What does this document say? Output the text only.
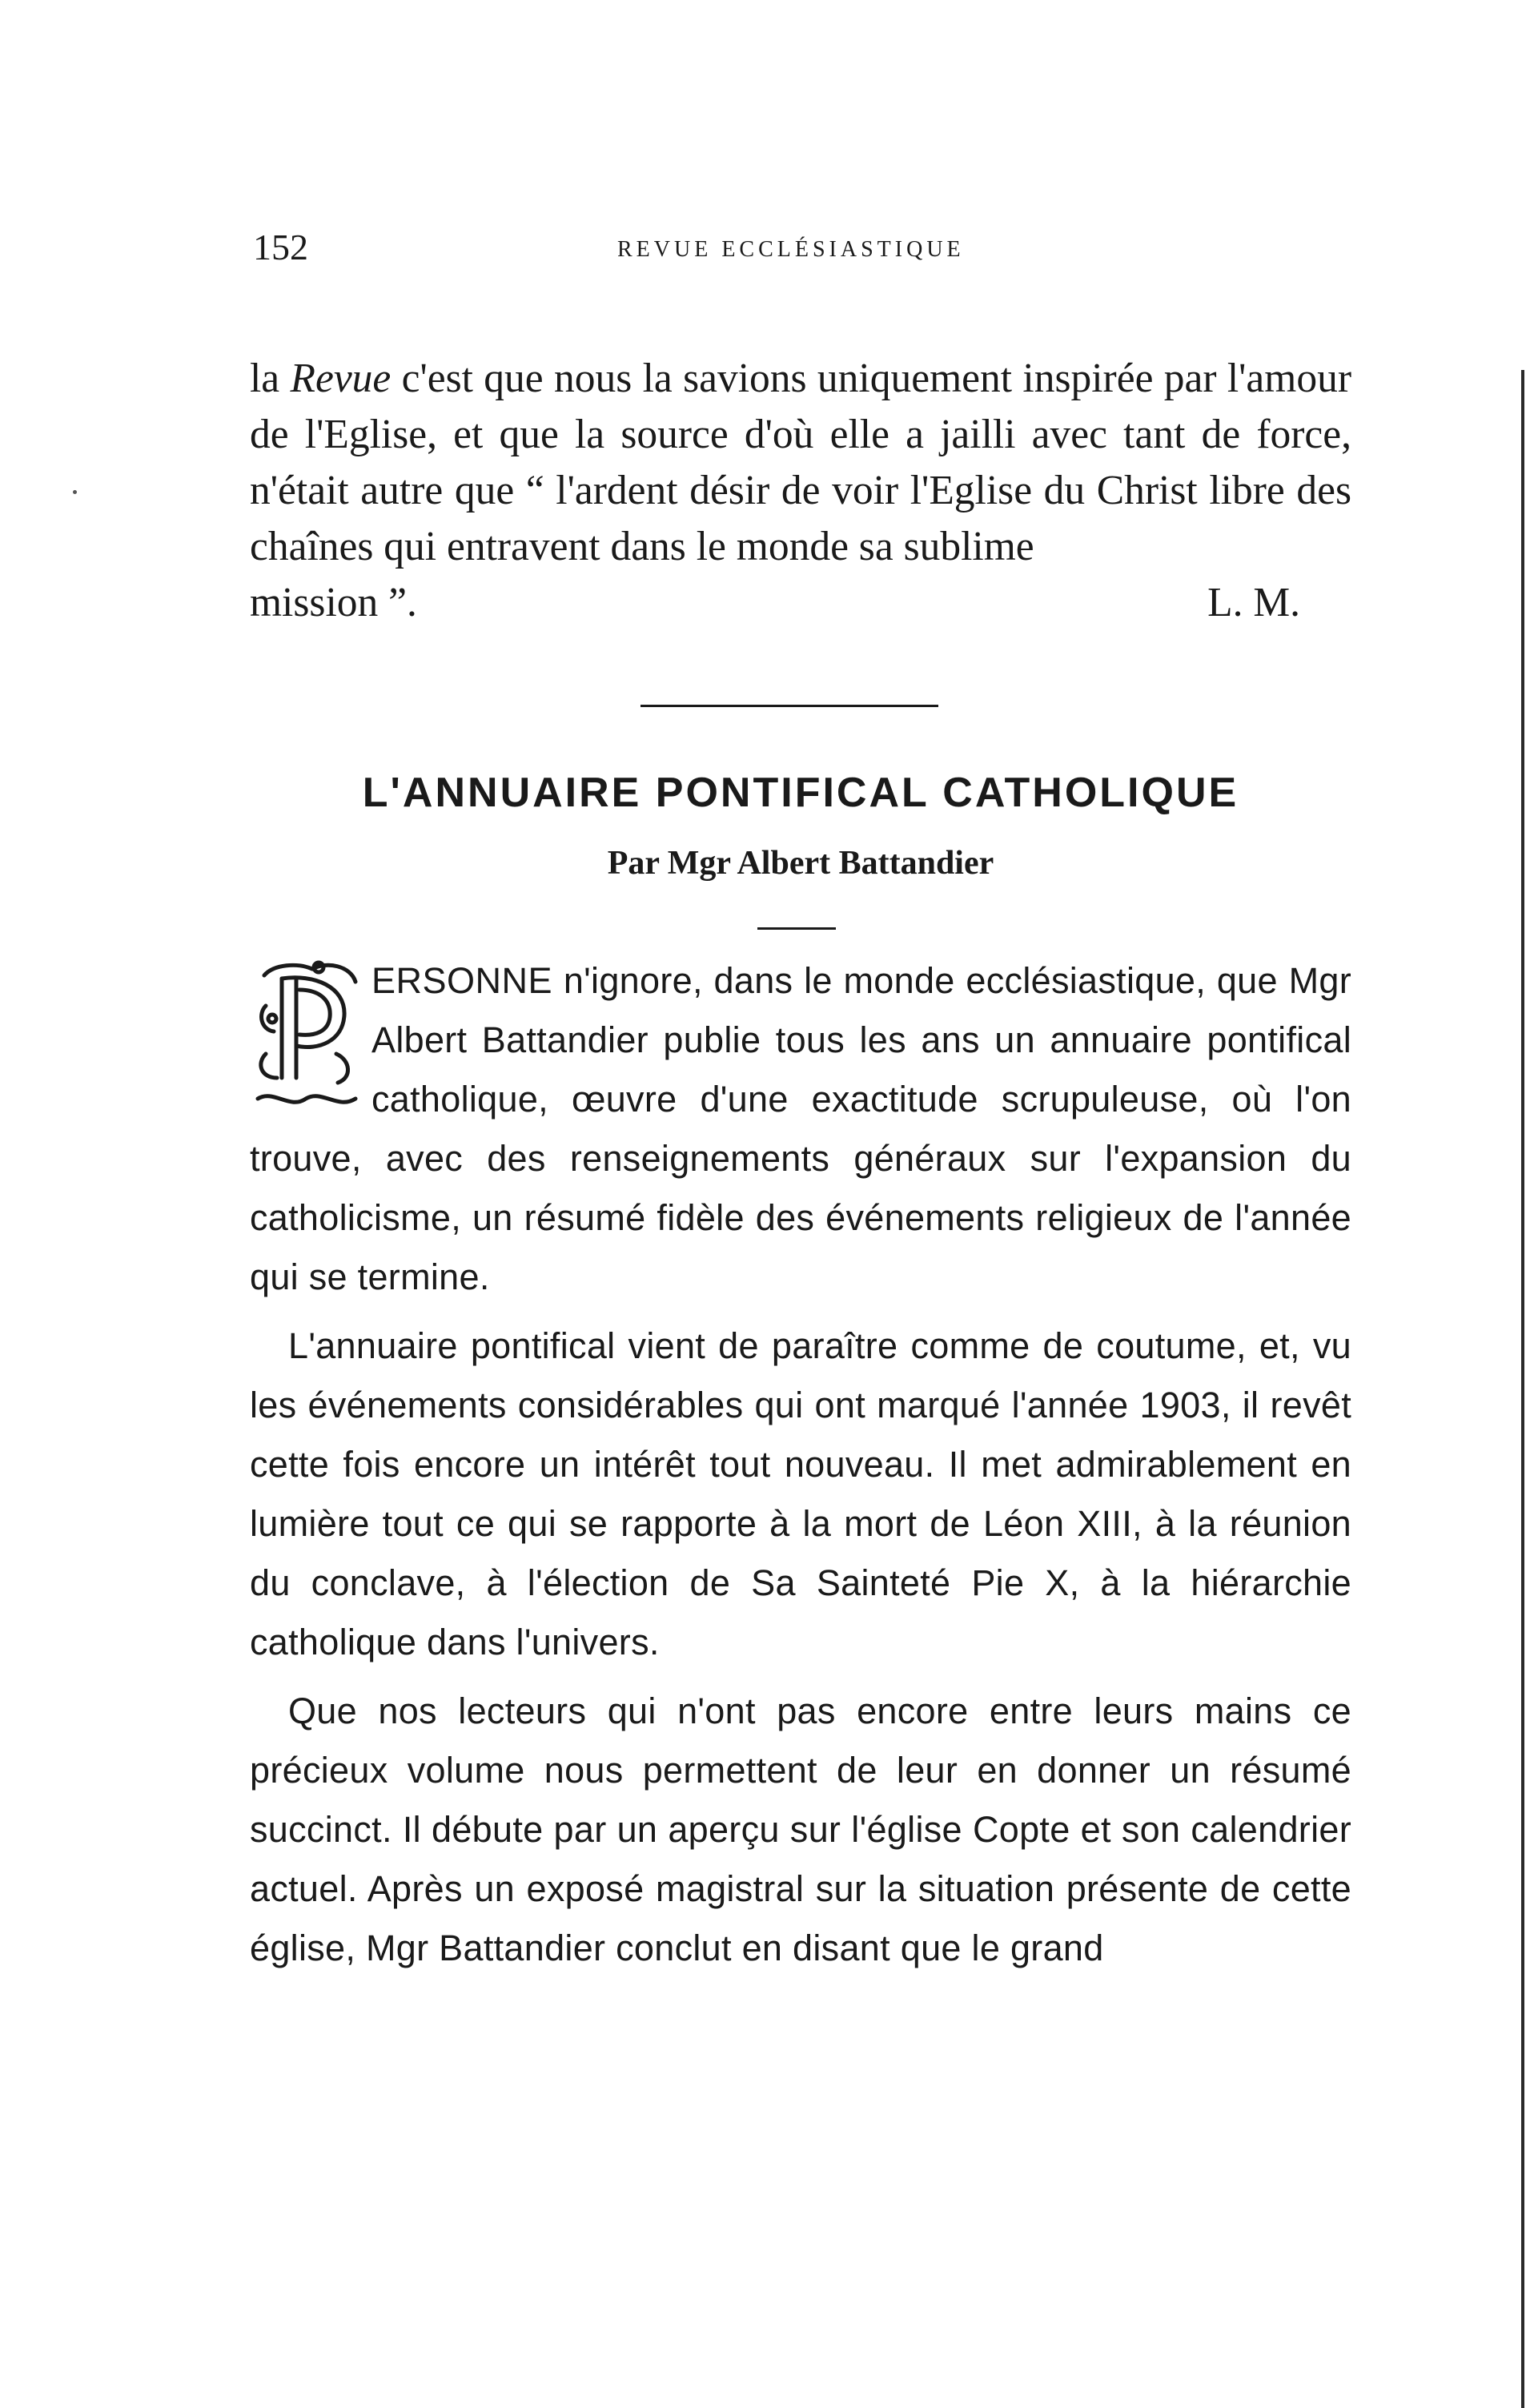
152	REVUE ECCLÉSIASTIQUE

la Revue c'est que nous la savions uniquement inspirée par l'amour de l'Eglise, et que la source d'où elle a jailli avec tant de force, n'était autre que “ l'ardent désir de voir l'Eglise du Christ libre des chaînes qui entravent dans le monde sa sublime

mission ”.	L. M.

L'ANNUAIRE PONTIFICAL CATHOLIQUE
Par Mgr Albert Battandier

ERSONNE n'ignore, dans le monde ecclésiastique, que Mgr Albert Battandier publie tous les ans un annuaire pontifical catholique, œuvre d'une exactitude scrupuleuse, où l'on trouve, avec des renseignements généraux sur l'expansion du catholicisme, un résumé fidèle des événements religieux de l'année qui se termine.

L'annuaire pontifical vient de paraître comme de coutume, et, vu les événements considérables qui ont marqué l'année 1903, il revêt cette fois encore un intérêt tout nouveau. Il met admirablement en lumière tout ce qui se rapporte à la mort de Léon XIII, à la réunion du conclave, à l'élection de Sa Sainteté Pie X, à la hiérarchie catholique dans l'univers.

Que nos lecteurs qui n'ont pas encore entre leurs mains ce précieux volume nous permettent de leur en donner un résumé succinct. Il débute par un aperçu sur l'église Copte et son calendrier actuel. Après un exposé magistral sur la situation présente de cette église, Mgr Battandier conclut en disant que le grand
